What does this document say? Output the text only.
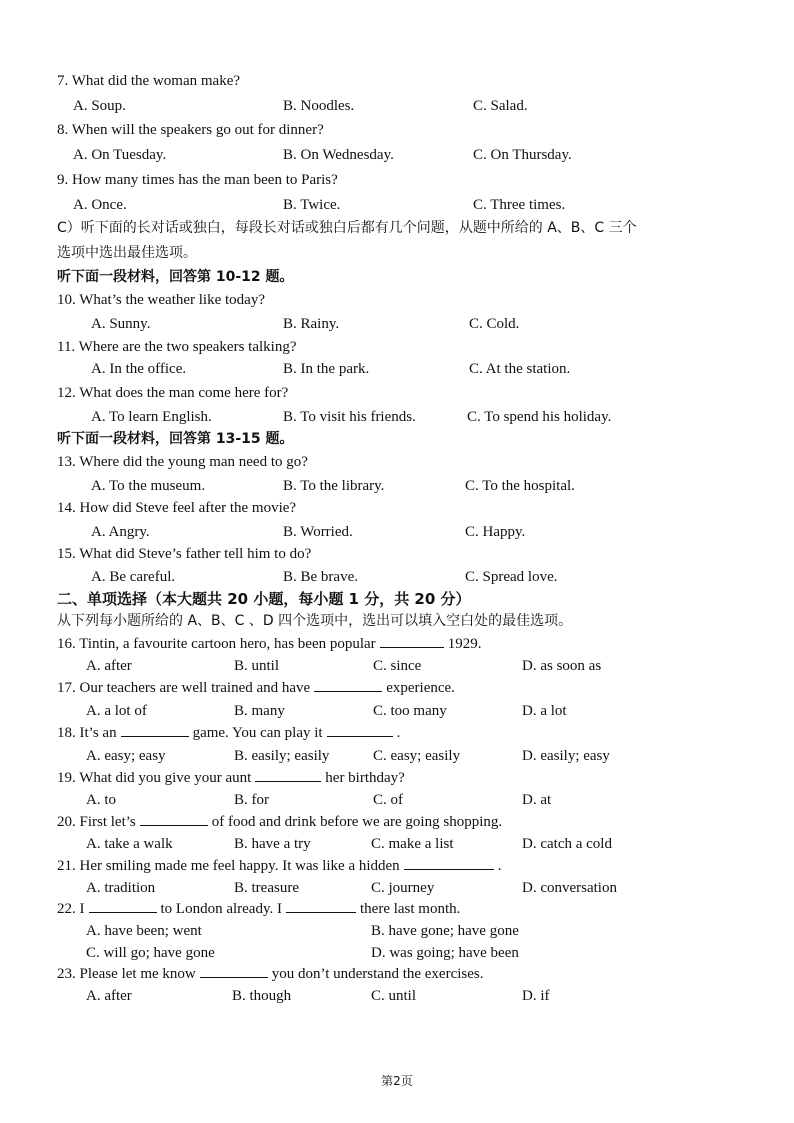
7. What did the woman make?
A. Soup.	B. Noodles.	C. Salad.
8. When will the speakers go out for dinner?
A. On Tuesday.	B. On Wednesday.	C. On Thursday.
9. How many times has the man been to Paris?
A. Once.	B. Twice.	C. Three times.
C）听下面的长对话或独白，每段长对话或独白后都有几个问题，从题中所给的 A、B、C 三个
选项中选出最佳选项。
听下面一段材料，回答第 10-12 题。
10. What’s the weather like today?
A. Sunny.	B. Rainy.	C. Cold.
11. Where are the two speakers talking?
A. In the office.	B. In the park.	C. At the station.
12. What does the man come here for?
A. To learn English.	B. To visit his friends.	C. To spend his holiday.
听下面一段材料，回答第 13-15 题。
13. Where did the young man need to go?
A. To the museum.	B. To the library.	C. To the hospital.
14. How did Steve feel after the movie?
A. Angry.	B. Worried.	C. Happy.
15. What did Steve’s father tell him to do?
A. Be careful.	B. Be brave.	C. Spread love.
二、单项选择（本大题共 20 小题，每小题 1 分，共 20 分）
从下列每小题所给的 A、B、C 、D 四个选项中，选出可以填入空白处的最佳选项。
16. Tintin, a favourite cartoon hero, has been popular	1929.
A. after	B. until	C. since	D. as soon as
17. Our teachers are well trained and have	experience.
A. a lot of	B. many	C. too many	D. a lot
18. It’s an	game. You can play it	.
A. easy; easy	B. easily; easily	C. easy; easily	D. easily; easy
19. What did you give your aunt	her birthday?
A. to	B. for	C. of	D. at
20. First let’s	of food and drink before we are going shopping.
A. take a walk	B. have a try	C. make a list	D. catch a cold
21. Her smiling made me feel happy. It was like a hidden	.
A. tradition	B. treasure	C. journey	D. conversation
22. I	to London already. I	there last month.
A. have been; went	B. have gone; have gone
C. will go; have gone	D. was going; have been
23. Please let me know	you don’t understand the exercises.
A. after	B. though	C. until	D. if
第2页
